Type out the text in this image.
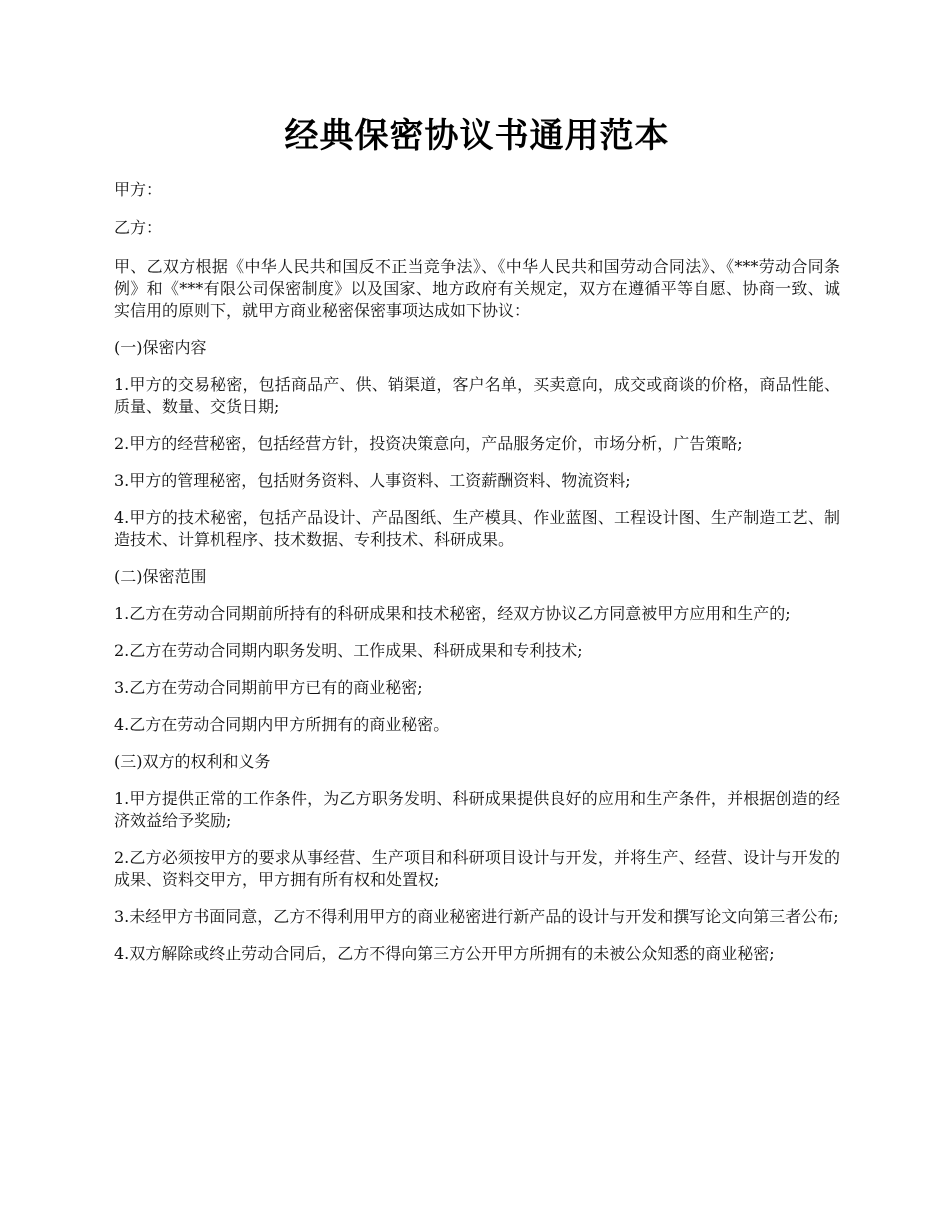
经典保密协议书通用范本

甲方：

乙方：

甲、乙双方根据《中华人民共和国反不正当竞争法》、《中华人民共和国劳动合同法》、《***劳动合同条例》和《***有限公司保密制度》以及国家、地方政府有关规定，双方在遵循平等自愿、协商一致、诚实信用的原则下，就甲方商业秘密保密事项达成如下协议：

(一)保密内容

1.甲方的交易秘密，包括商品产、供、销渠道，客户名单，买卖意向，成交或商谈的价格，商品性能、质量、数量、交货日期;

2.甲方的经营秘密，包括经营方针，投资决策意向，产品服务定价，市场分析，广告策略;

3.甲方的管理秘密，包括财务资料、人事资料、工资薪酬资料、物流资料;

4.甲方的技术秘密，包括产品设计、产品图纸、生产模具、作业蓝图、工程设计图、生产制造工艺、制造技术、计算机程序、技术数据、专利技术、科研成果。

(二)保密范围

1.乙方在劳动合同期前所持有的科研成果和技术秘密，经双方协议乙方同意被甲方应用和生产的;

2.乙方在劳动合同期内职务发明、工作成果、科研成果和专利技术;

3.乙方在劳动合同期前甲方已有的商业秘密;

4.乙方在劳动合同期内甲方所拥有的商业秘密。

(三)双方的权利和义务

1.甲方提供正常的工作条件，为乙方职务发明、科研成果提供良好的应用和生产条件，并根据创造的经济效益给予奖励;

2.乙方必须按甲方的要求从事经营、生产项目和科研项目设计与开发，并将生产、经营、设计与开发的成果、资料交甲方，甲方拥有所有权和处置权;

3.未经甲方书面同意，乙方不得利用甲方的商业秘密进行新产品的设计与开发和撰写论文向第三者公布;

4.双方解除或终止劳动合同后，乙方不得向第三方公开甲方所拥有的未被公众知悉的商业秘密;
